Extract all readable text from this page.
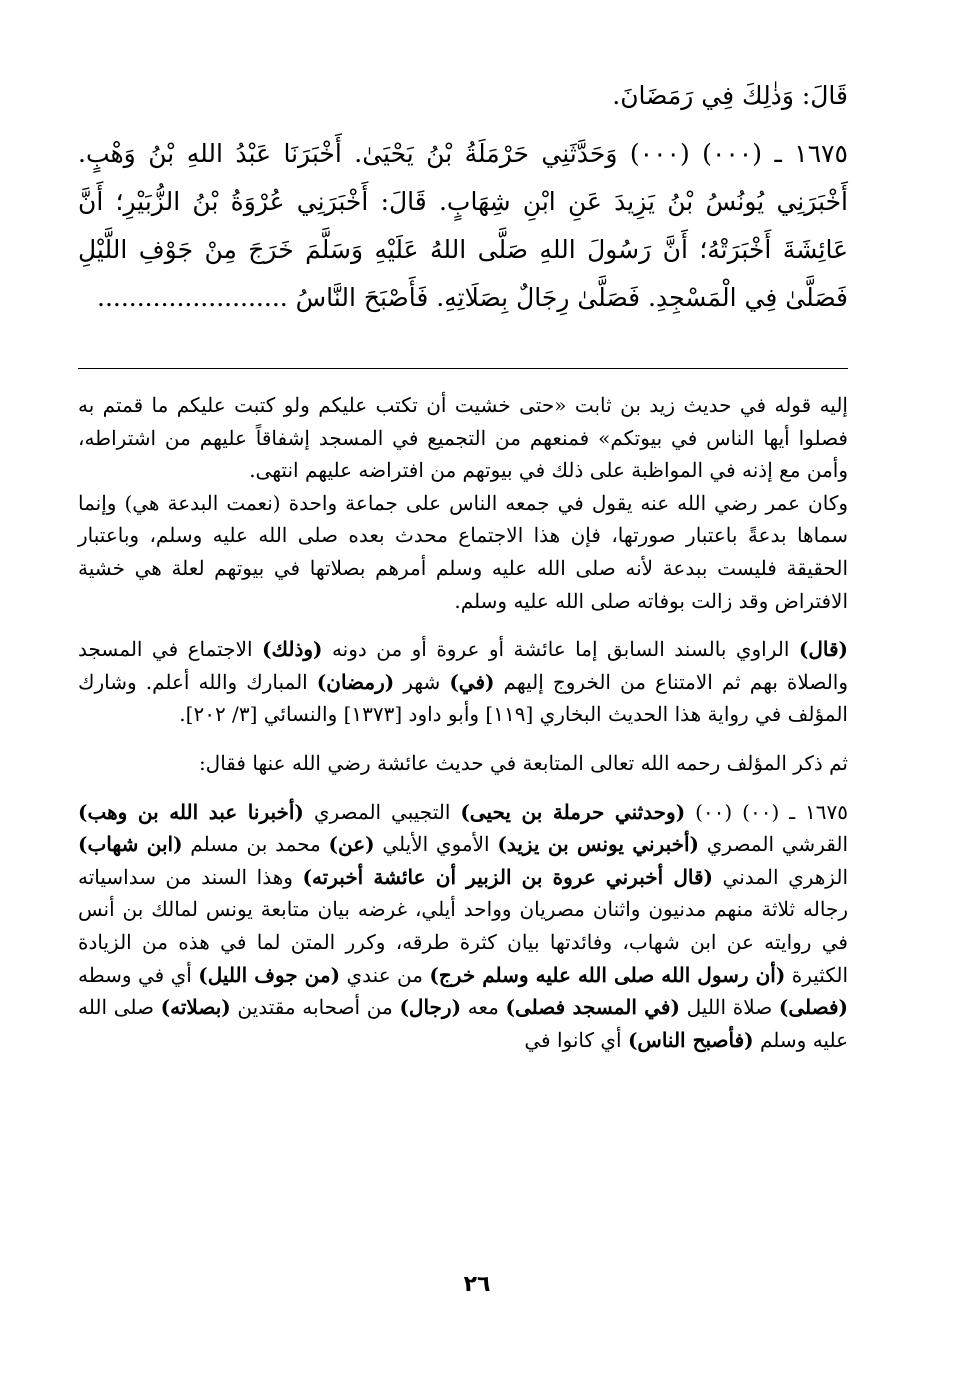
قَالَ: وَذٰلِكَ فِي رَمَضَانَ.

١٦٧٥ ـ (٠٠٠) (٠٠٠) وَحَدَّثَنِي حَرْمَلَةُ بْنُ يَحْيَىٰ. أَخْبَرَنَا عَبْدُ اللهِ بْنُ وَهْبٍ. أَخْبَرَنِي يُونُسُ بْنُ يَزِيدَ عَنِ ابْنِ شِهَابٍ. قَالَ: أَخْبَرَنِي عُرْوَةُ بْنُ الزُّبَيْرِ؛ أَنَّ عَائِشَةَ أَخْبَرَتْهُ؛ أَنَّ رَسُولَ اللهِ صَلَّى اللهُ عَلَيْهِ وَسَلَّمَ خَرَجَ مِنْ جَوْفِ اللَّيْلِ فَصَلَّىٰ فِي الْمَسْجِدِ. فَصَلَّىٰ رِجَالٌ بِصَلَاتِهِ. فَأَصْبَحَ النَّاسُ ........................

إليه قوله في حديث زيد بن ثابت «حتى خشيت أن تكتب عليكم ولو كتبت عليكم ما قمتم به فصلوا أيها الناس في بيوتكم» فمنعهم من التجميع في المسجد إشفاقاً عليهم من اشتراطه، وأمن مع إذنه في المواظبة على ذلك في بيوتهم من افتراضه عليهم انتهى.

وكان عمر رضي الله عنه يقول في جمعه الناس على جماعة واحدة (نعمت البدعة هي) وإنما سماها بدعةً باعتبار صورتها، فإن هذا الاجتماع محدث بعده صلى الله عليه وسلم، وباعتبار الحقيقة فليست ببدعة لأنه صلى الله عليه وسلم أمرهم بصلاتها في بيوتهم لعلة هي خشية الافتراض وقد زالت بوفاته صلى الله عليه وسلم.

(قال) الراوي بالسند السابق إما عائشة أو عروة أو من دونه (وذلك) الاجتماع في المسجد والصلاة بهم ثم الامتناع من الخروج إليهم (في) شهر (رمضان) المبارك والله أعلم. وشارك المؤلف في رواية هذا الحديث البخاري [١١٩] وأبو داود [١٣٧٣] والنسائي [٣/ ٢٠٢].

ثم ذكر المؤلف رحمه الله تعالى المتابعة في حديث عائشة رضي الله عنها فقال:

١٦٧٥ ـ (٠٠) (٠٠) (وحدثني حرملة بن يحيى) التجيبي المصري (أخبرنا عبد الله بن وهب) القرشي المصري (أخبرني يونس بن يزيد) الأموي الأيلي (عن) محمد بن مسلم (ابن شهاب) الزهري المدني (قال أخبرني عروة بن الزبير أن عائشة أخبرته) وهذا السند من سداسياته رجاله ثلاثة منهم مدنيون واثنان مصريان وواحد أيلي، غرضه بيان متابعة يونس لمالك بن أنس في روايته عن ابن شهاب، وفائدتها بيان كثرة طرقه، وكرر المتن لما في هذه من الزيادة الكثيرة (أن رسول الله صلى الله عليه وسلم خرج) من عندي (من جوف الليل) أي في وسطه (فصلى) صلاة الليل (في المسجد فصلى) معه (رجال) من أصحابه مقتدين (بصلاته) صلى الله عليه وسلم (فأصبح الناس) أي كانوا في

٢٦
